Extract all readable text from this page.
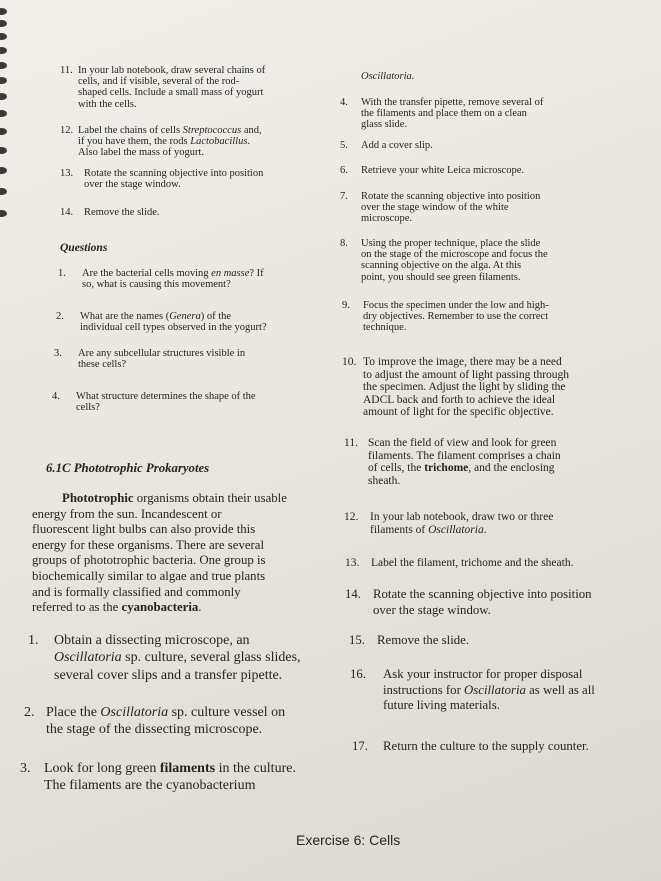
11. In your lab notebook, draw several chains of

cells, and if visible, several of the rod-

shaped cells. Include a small mass of yogurt

with the cells.

12. Label the chains of cells Streptococcus and,

if you have them, the rods Lactobacillus.

Also label the mass of yogurt.

13. Rotate the scanning objective into position

over the stage window.

14. Remove the slide.
Questions
1. Are the bacterial cells moving en masse? If

so, what is causing this movement?

2. What are the names (Genera) of the

individual cell types observed in the yogurt?

3. Are any subcellular structures visible in

these cells?

4. What structure determines the shape of the

cells?

6.1C Phototrophic Prokaryotes

Phototrophic organisms obtain their usable

energy from the sun. Incandescent or

fluorescent light bulbs can also provide this

energy for these organisms. There are several

groups of phototrophic bacteria. One group is

biochemically similar to algae and true plants

and is formally classified and commonly

referred to as the cyanobacteria.

1. Obtain a dissecting microscope, an

Oscillatoria sp. culture, several glass slides,

several cover slips and a transfer pipette.

2. Place the Oscillatoria sp. culture vessel on

the stage of the dissecting microscope.

3. Look for long green filaments in the culture.

The filaments are the cyanobacterium

Oscillatoria.
4. With the transfer pipette, remove several of

the filaments and place them on a clean

glass slide.

5. Add a cover slip.
6. Retrieve your white Leica microscope.
7. Rotate the scanning objective into position

over the stage window of the white

microscope.

8. Using the proper technique, place the slide

on the stage of the microscope and focus the

scanning objective on the alga. At this

point, you should see green filaments.

9. Focus the specimen under the low and high-

dry objectives. Remember to use the correct

technique.

10. To improve the image, there may be a need

to adjust the amount of light passing through

the specimen. Adjust the light by sliding the

ADCL back and forth to achieve the ideal

amount of light for the specific objective.

11. Scan the field of view and look for green

filaments. The filament comprises a chain

of cells, the trichome, and the enclosing

sheath.

12. In your lab notebook, draw two or three

filaments of Oscillatoria.

13. Label the filament, trichome and the sheath.
14. Rotate the scanning objective into position

over the stage window.

15. Remove the slide.
16. Ask your instructor for proper disposal

instructions for Oscillatoria as well as all

future living materials.

17. Return the culture to the supply counter.
Exercise 6: Cells
